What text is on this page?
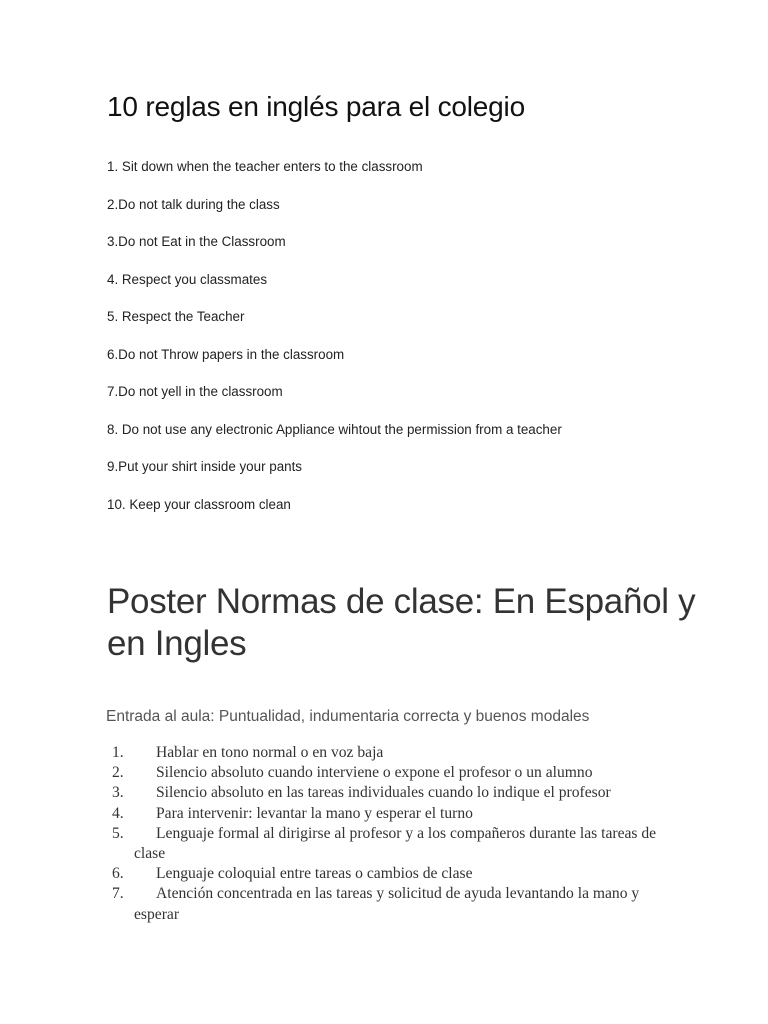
10 reglas en inglés para el colegio
1. Sit down when the teacher enters to the classroom
2.Do not talk during the class
3.Do not Eat in the Classroom
4. Respect you classmates
5. Respect the Teacher
6.Do not Throw papers in the classroom
7.Do not yell in the classroom
8. Do not use any electronic Appliance wihtout the permission from a teacher
9.Put your shirt inside your pants
10. Keep your classroom clean
Poster Normas de clase: En Español y en Ingles
Entrada al aula: Puntualidad, indumentaria correcta y buenos modales
1.	Hablar en tono normal o en voz baja
2.	Silencio absoluto cuando interviene o expone el profesor o un alumno
3.	Silencio absoluto en las tareas individuales cuando lo indique el profesor
4.	Para intervenir: levantar la mano y esperar el turno
5.	Lenguaje formal al dirigirse al profesor y a los compañeros durante las tareas de clase
6.	Lenguaje coloquial entre tareas o cambios de clase
7.	Atención concentrada en las tareas y solicitud de ayuda levantando la mano y esperar
